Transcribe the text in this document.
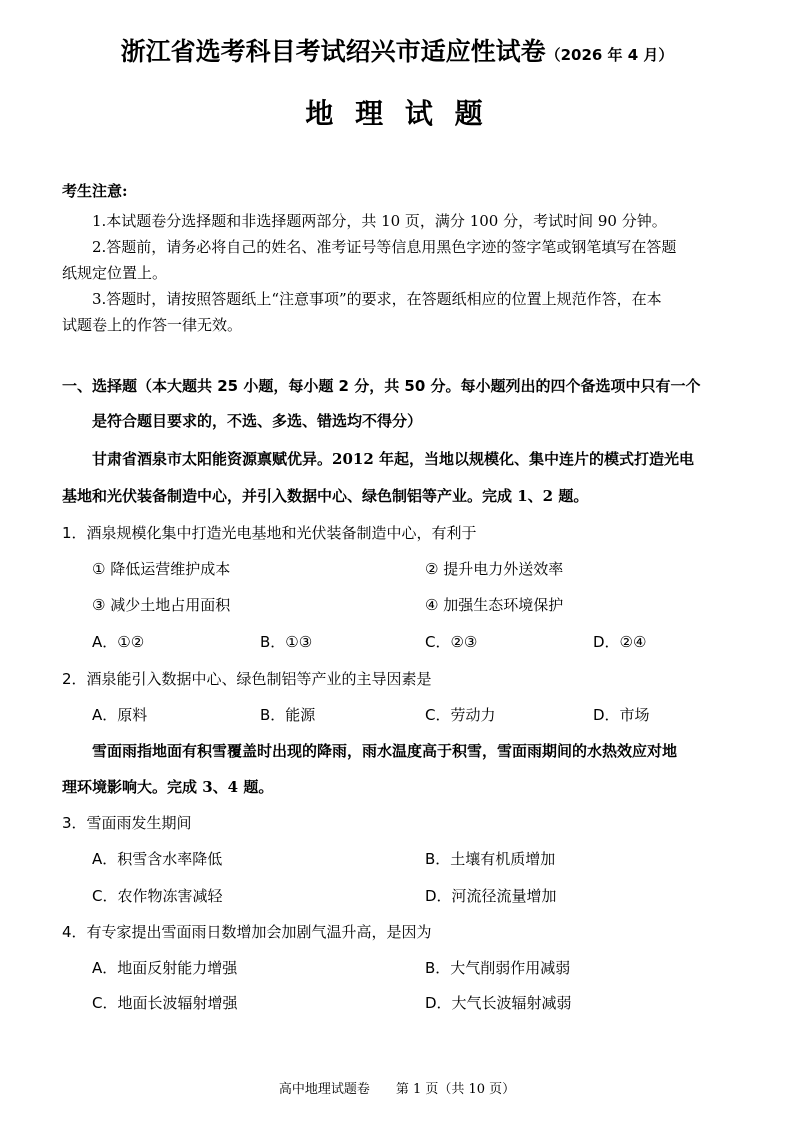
浙江省选考科目考试绍兴市适应性试卷（2026 年 4 月）
地 理 试 题
考生注意:
1.本试题卷分选择题和非选择题两部分，共 10 页，满分 100 分，考试时间 90 分钟。
2.答题前，请务必将自己的姓名、准考证号等信息用黑色字迹的签字笔或钢笔填写在答题
纸规定位置上。
3.答题时，请按照答题纸上“注意事项”的要求，在答题纸相应的位置上规范作答，在本
试题卷上的作答一律无效。
一、选择题（本大题共 25 小题，每小题 2 分，共 50 分。每小题列出的四个备选项中只有一个
是符合题目要求的，不选、多选、错选均不得分）
甘肃省酒泉市太阳能资源禀赋优异。2012 年起，当地以规模化、集中连片的模式打造光电
基地和光伏装备制造中心，并引入数据中心、绿色制铝等产业。完成 1、2 题。
1．酒泉规模化集中打造光电基地和光伏装备制造中心，有利于
① 降低运营维护成本	② 提升电力外送效率
③ 减少土地占用面积	④ 加强生态环境保护
A．①②	B．①③	C．②③	D．②④
2．酒泉能引入数据中心、绿色制铝等产业的主导因素是
A．原料	B．能源	C．劳动力	D．市场
雪面雨指地面有积雪覆盖时出现的降雨，雨水温度高于积雪，雪面雨期间的水热效应对地
理环境影响大。完成 3、4 题。
3．雪面雨发生期间
A．积雪含水率降低	B．土壤有机质增加
C．农作物冻害减轻	D．河流径流量增加
4．有专家提出雪面雨日数增加会加剧气温升高，是因为
A．地面反射能力增强	B．大气削弱作用减弱
C．地面长波辐射增强	D．大气长波辐射减弱
高中地理试题卷　　第 1 页（共 10 页）
